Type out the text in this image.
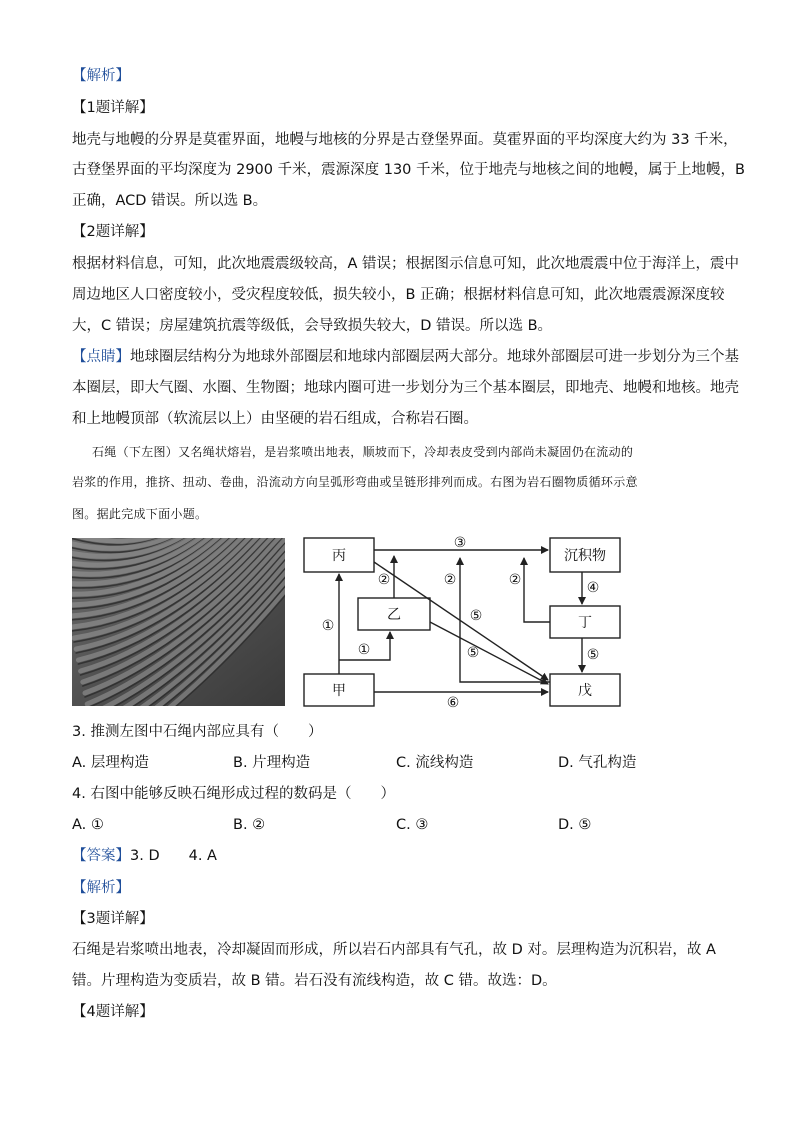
【解析】
【1题详解】
地壳与地幔的分界是莫霍界面，地幔与地核的分界是古登堡界面。莫霍界面的平均深度大约为 33 千米，
古登堡界面的平均深度为 2900 千米，震源深度 130 千米，位于地壳与地核之间的地幔，属于上地幔，B
正确，ACD 错误。所以选 B。
【2题详解】
根据材料信息，可知，此次地震震级较高，A 错误；根据图示信息可知，此次地震震中位于海洋上，震中
周边地区人口密度较小，受灾程度较低，损失较小，B 正确；根据材料信息可知，此次地震震源深度较
大，C 错误；房屋建筑抗震等级低，会导致损失较大，D 错误。所以选 B。
【点睛】地球圈层结构分为地球外部圈层和地球内部圈层两大部分。地球外部圈层可进一步划分为三个基
本圈层，即大气圈、水圈、生物圈；地球内圈可进一步划分为三个基本圈层，即地壳、地幔和地核。地壳
和上地幔顶部（软流层以上）由坚硬的岩石组成，合称岩石圈。
石绳（下左图）又名绳状熔岩，是岩浆喷出地表，顺坡而下，冷却表皮受到内部尚未凝固仍在流动的
岩浆的作用，推挤、扭动、卷曲，沿流动方向呈弧形弯曲或呈链形排列而成。右图为岩石圈物质循环示意
图。据此完成下面小题。
丙
乙
甲
沉积物
丁
戊
①
①
②	②	②
③
④
⑤
⑤	⑤
⑥
3. 推测左图中石绳内部应具有（　　）
A. 层理构造	B. 片理构造	C. 流线构造	D. 气孔构造
4. 右图中能够反映石绳形成过程的数码是（　　）
A. ①	B. ②	C. ③	D. ⑤
【答案】3. D　　4. A
【解析】
【3题详解】
石绳是岩浆喷出地表，冷却凝固而形成，所以岩石内部具有气孔，故 D 对。层理构造为沉积岩，故 A
错。片理构造为变质岩，故 B 错。岩石没有流线构造，故 C 错。故选：D。
【4题详解】
